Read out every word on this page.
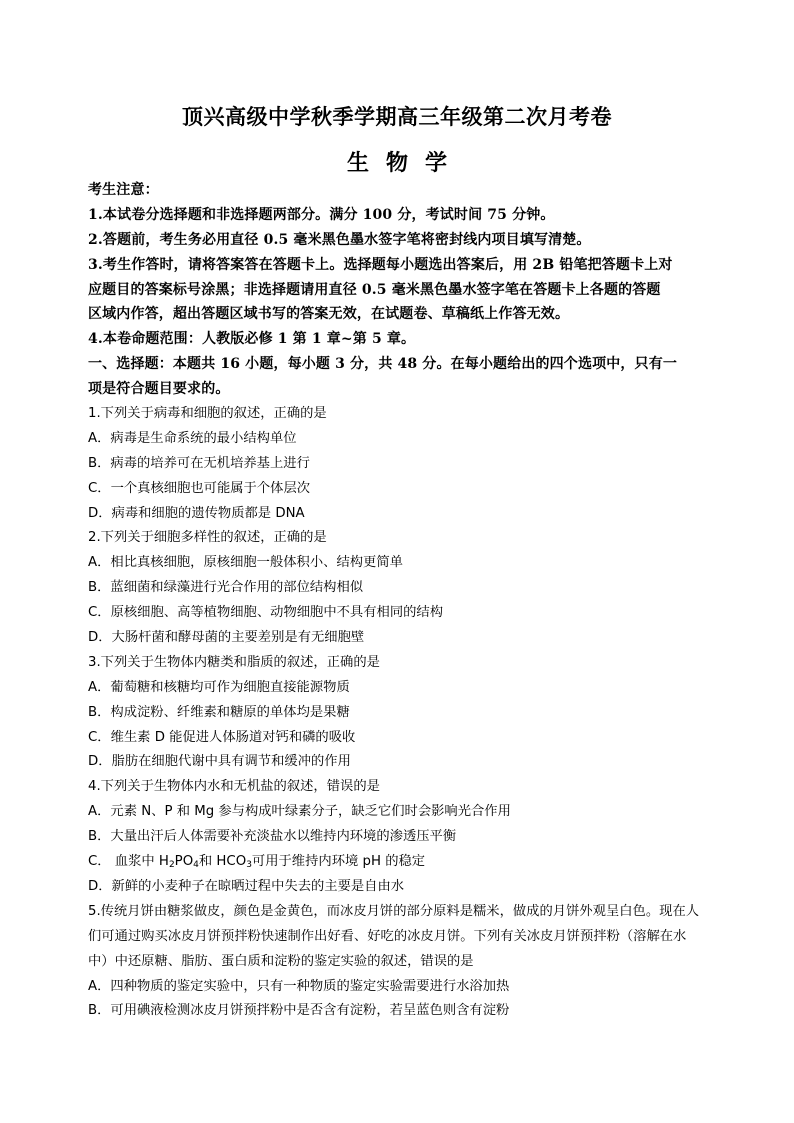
顶兴高级中学秋季学期高三年级第二次月考卷
生物学
考生注意：
1.本试卷分选择题和非选择题两部分。满分 100 分，考试时间 75 分钟。
2.答题前，考生务必用直径 0.5 毫米黑色墨水签字笔将密封线内项目填写清楚。
3.考生作答时，请将答案答在答题卡上。选择题每小题选出答案后，用 2B 铅笔把答题卡上对
应题目的答案标号涂黑；非选择题请用直径 0.5 毫米黑色墨水签字笔在答题卡上各题的答题
区域内作答，超出答题区域书写的答案无效，在试题卷、草稿纸上作答无效。
4.本卷命题范围：人教版必修 1 第 1 章~第 5 章。
一、选择题：本题共 16 小题，每小题 3 分，共 48 分。在每小题给出的四个选项中，只有一
项是符合题目要求的。
1.下列关于病毒和细胞的叙述，正确的是
A．病毒是生命系统的最小结构单位
B．病毒的培养可在无机培养基上进行
C．一个真核细胞也可能属于个体层次
D．病毒和细胞的遗传物质都是 DNA
2.下列关于细胞多样性的叙述，正确的是
A．相比真核细胞，原核细胞一般体积小、结构更简单
B．蓝细菌和绿藻进行光合作用的部位结构相似
C．原核细胞、高等植物细胞、动物细胞中不具有相同的结构
D．大肠杆菌和酵母菌的主要差别是有无细胞壁
3.下列关于生物体内糖类和脂质的叙述，正确的是
A．葡萄糖和核糖均可作为细胞直接能源物质
B．构成淀粉、纤维素和糖原的单体均是果糖
C．维生素 D 能促进人体肠道对钙和磷的吸收
D．脂肪在细胞代谢中具有调节和缓冲的作用
4.下列关于生物体内水和无机盐的叙述，错误的是
A．元素 N、P 和 Mg 参与构成叶绿素分子，缺乏它们时会影响光合作用
B．大量出汗后人体需要补充淡盐水以维持内环境的渗透压平衡
C． 血浆中 $H_2PO_4$和 $HCO_3$可用于维持内环境 pH 的稳定
D．新鲜的小麦种子在晾晒过程中失去的主要是自由水
5.传统月饼由糖浆做皮，颜色是金黄色，而冰皮月饼的部分原料是糯米，做成的月饼外观呈白色。现在人
们可通过购买冰皮月饼预拌粉快速制作出好看、好吃的冰皮月饼。下列有关冰皮月饼预拌粉（溶解在水
中）中还原糖、脂肪、蛋白质和淀粉的鉴定实验的叙述，错误的是
A．四种物质的鉴定实验中，只有一种物质的鉴定实验需要进行水浴加热
B．可用碘液检测冰皮月饼预拌粉中是否含有淀粉，若呈蓝色则含有淀粉
